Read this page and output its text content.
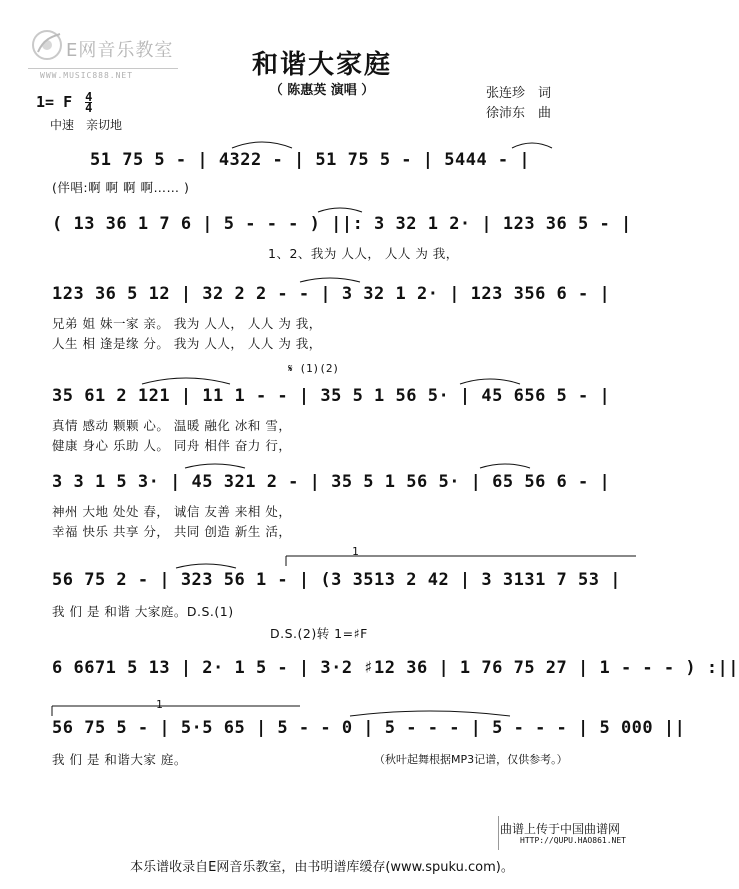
E网音乐教室
WWW.MUSIC888.NET	和谐大家庭
（ 陈惠英 演唱 ）	张连珍　词
徐沛东　曲
1= F $\frac{4}{4}$
中速　亲切地
51 75 5 - | 4322 - | 51 75 5 - | 5444 - |
(伴唱:啊 啊 啊 啊…… )
( 13 36 1 7 6 | 5 - - - ) ||: 3 32 1 2· | 123 36 5 - |
1、2、我为 人人， 人人 为 我，
123 36 5 12 | 32 2 2 - - | 3 32 1 2· | 123 356 6 - |
兄弟 姐 妹一家 亲。 我为 人人， 人人 为 我，
人生 相 逢是缘 分。 我为 人人， 人人 为 我，
𝄋 (1)(2)
35 61 2 121 | 11 1 - - | 35 5 1 56 5· | 45 656 5 - |
真情 感动 颗颗 心。 温暖 融化 冰和 雪，
健康 身心 乐助 人。 同舟 相伴 奋力 行，
3 3 1 5 3· | 45 321 2 - | 35 5 1 56 5· | 65 56 6 - |
神州 大地 处处 春， 诚信 友善 来相 处，
幸福 快乐 共享 分， 共同 创造 新生 活，
1
56 75 2 - | 323 56 1 - | (3 3513 2 42 | 3 3131 7 53 |
我 们 是 和谐 大家庭。D.S.(1)
D.S.(2)转 1=♯F
6 6671 5 13 | 2· 1 5 - | 3·2 ♯12 36 | 1 76 75 27 | 1 - - - ) :||
1
56 75 5 - | 5·5 65 | 5 - - 0 | 5 - - - | 5 - - - | 5 000 ||
我 们 是 和谐大家 庭。	（秋叶起舞根据MP3记谱，仅供参考。）
曲谱上传于中国曲谱网
HTTP://QUPU.HAO861.NET
本乐谱收录自E网音乐教室，由书明谱库缓存(www.spuku.com)。
